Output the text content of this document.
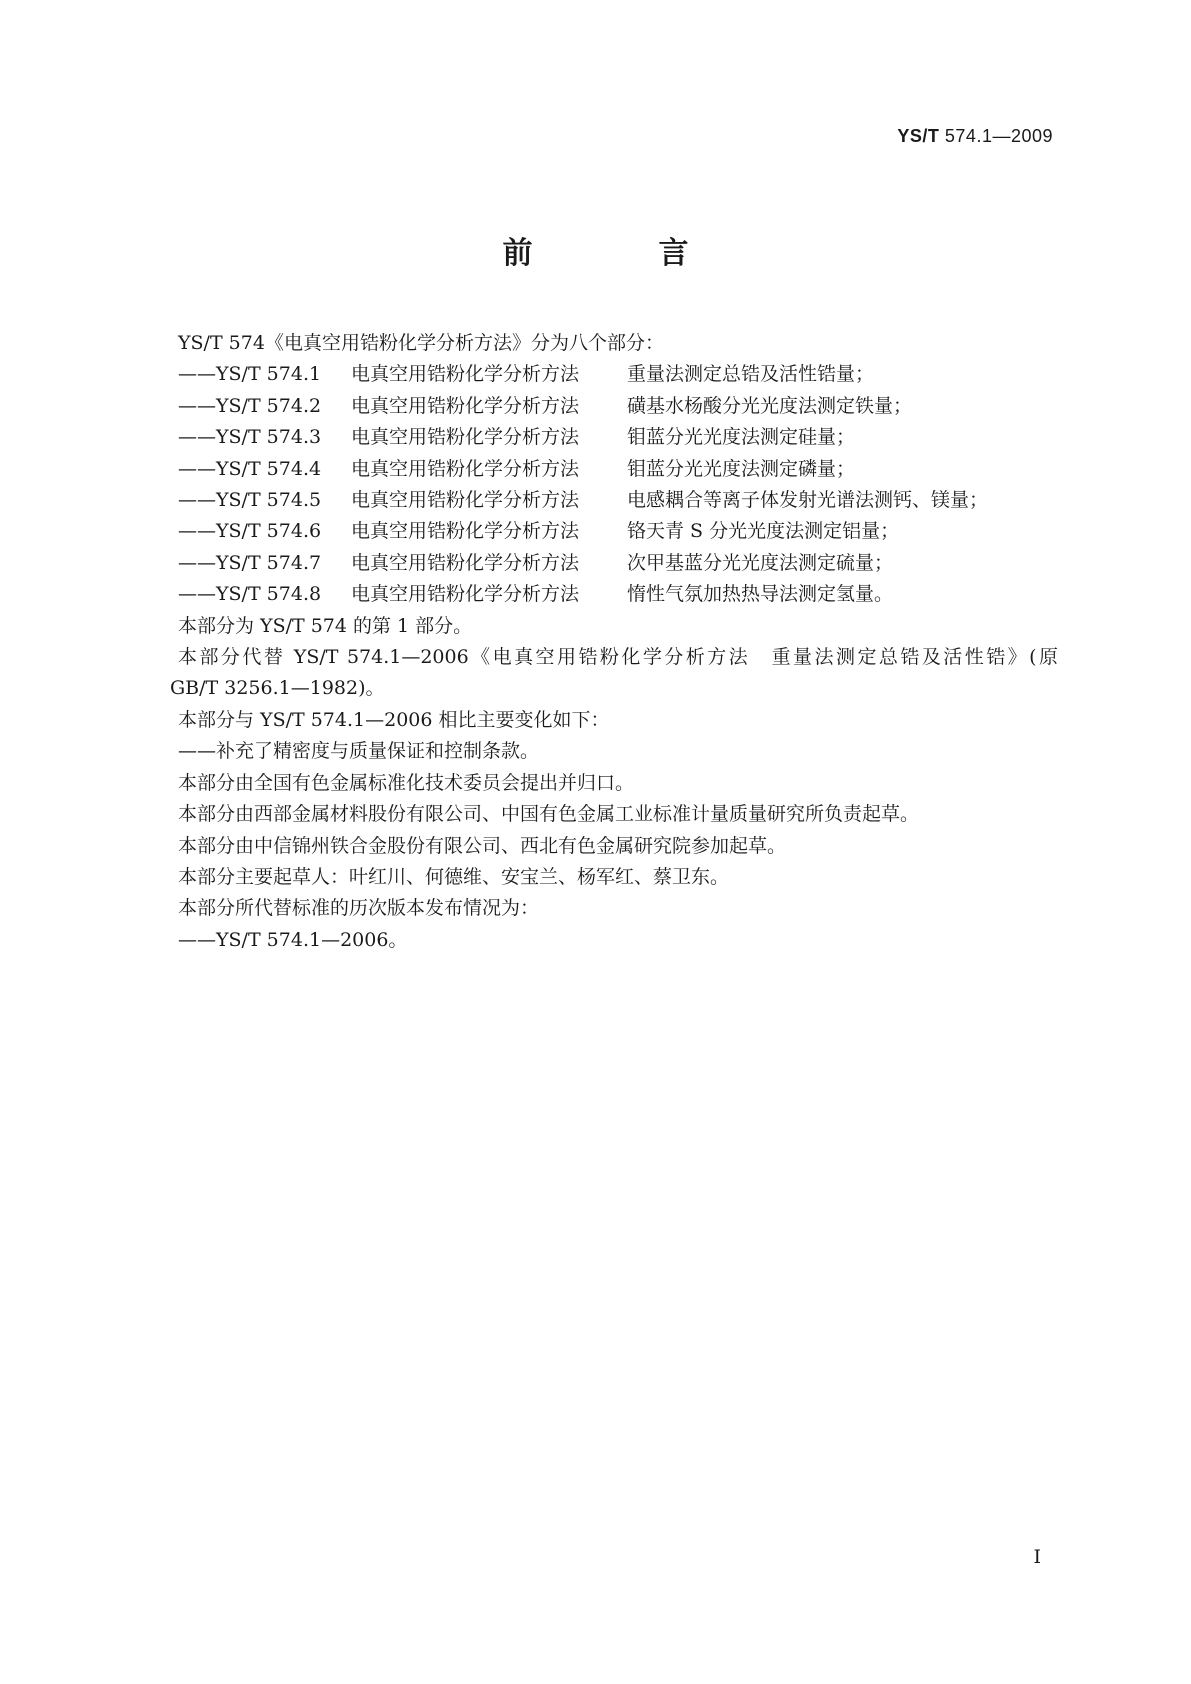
YS/T 574.1—2009
前　言
YS/T 574《电真空用锆粉化学分析方法》分为八个部分：
——YS/T 574.1 电真空用锆粉化学分析方法	重量法测定总锆及活性锆量；
——YS/T 574.2 电真空用锆粉化学分析方法	磺基水杨酸分光光度法测定铁量；
——YS/T 574.3 电真空用锆粉化学分析方法	钼蓝分光光度法测定硅量；
——YS/T 574.4 电真空用锆粉化学分析方法	钼蓝分光光度法测定磷量；
——YS/T 574.5 电真空用锆粉化学分析方法	电感耦合等离子体发射光谱法测钙、镁量；
——YS/T 574.6 电真空用锆粉化学分析方法	铬天青 S 分光光度法测定铝量；
——YS/T 574.7 电真空用锆粉化学分析方法	次甲基蓝分光光度法测定硫量；
——YS/T 574.8 电真空用锆粉化学分析方法	惰性气氛加热热导法测定氢量。
本部分为 YS/T 574 的第 1 部分。
本部分代替 YS/T 574.1—2006《电真空用锆粉化学分析方法　重量法测定总锆及活性锆》(原
GB/T 3256.1—1982)。
本部分与 YS/T 574.1—2006 相比主要变化如下：
——补充了精密度与质量保证和控制条款。
本部分由全国有色金属标准化技术委员会提出并归口。
本部分由西部金属材料股份有限公司、中国有色金属工业标准计量质量研究所负责起草。
本部分由中信锦州铁合金股份有限公司、西北有色金属研究院参加起草。
本部分主要起草人：叶红川、何德维、安宝兰、杨军红、蔡卫东。
本部分所代替标准的历次版本发布情况为：
——YS/T 574.1—2006。
I
